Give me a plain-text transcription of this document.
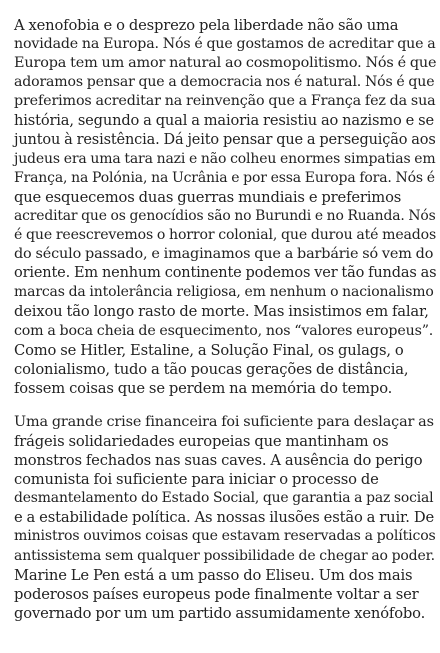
A xenofobia e o desprezo pela liberdade não são uma
novidade na Europa. Nós é que gostamos de acreditar que a
Europa tem um amor natural ao cosmopolitismo. Nós é que
adoramos pensar que a democracia nos é natural. Nós é que
preferimos acreditar na reinvenção que a França fez da sua
história, segundo a qual a maioria resistiu ao nazismo e se
juntou à resistência. Dá jeito pensar que a perseguição aos
judeus era uma tara nazi e não colheu enormes simpatias em
França, na Polónia, na Ucrânia e por essa Europa fora. Nós é
que esquecemos duas guerras mundiais e preferimos
acreditar que os genocídios são no Burundi e no Ruanda. Nós
é que reescrevemos o horror colonial, que durou até meados
do século passado, e imaginamos que a barbárie só vem do
oriente. Em nenhum continente podemos ver tão fundas as
marcas da intolerância religiosa, em nenhum o nacionalismo
deixou tão longo rasto de morte. Mas insistimos em falar,
com a boca cheia de esquecimento, nos “valores europeus”.
Como se Hitler, Estaline, a Solução Final, os gulags, o
colonialismo, tudo a tão poucas gerações de distância,
fossem coisas que se perdem na memória do tempo.

Uma grande crise financeira foi suficiente para deslaçar as
frágeis solidariedades europeias que mantinham os
monstros fechados nas suas caves. A ausência do perigo
comunista foi suficiente para iniciar o processo de
desmantelamento do Estado Social, que garantia a paz social
e a estabilidade política. As nossas ilusões estão a ruir. De
ministros ouvimos coisas que estavam reservadas a políticos
antissistema sem qualquer possibilidade de chegar ao poder.
Marine Le Pen está a um passo do Eliseu. Um dos mais
poderosos países europeus pode finalmente voltar a ser
governado por um um partido assumidamente xenófobo.
